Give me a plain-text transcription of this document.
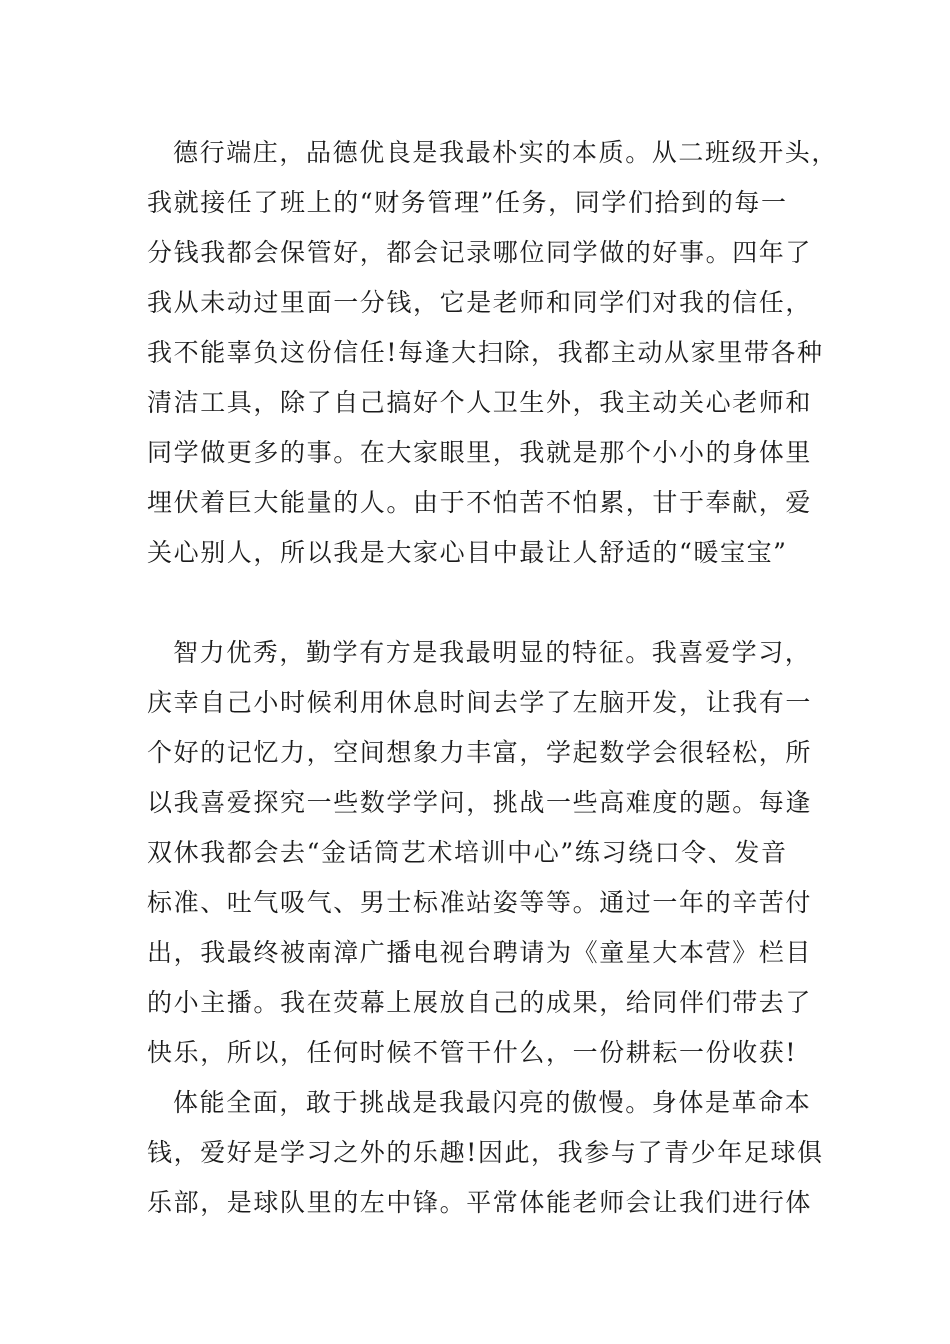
德行端庄，品德优良是我最朴实的本质。从二班级开头，
我就接任了班上的“财务管理”任务，同学们拾到的每一
分钱我都会保管好，都会记录哪位同学做的好事。四年了
我从未动过里面一分钱，它是老师和同学们对我的信任，
我不能辜负这份信任!每逢大扫除，我都主动从家里带各种
清洁工具，除了自己搞好个人卫生外，我主动关心老师和
同学做更多的事。在大家眼里，我就是那个小小的身体里
埋伏着巨大能量的人。由于不怕苦不怕累，甘于奉献，爱
关心别人，所以我是大家心目中最让人舒适的“暖宝宝”
智力优秀，勤学有方是我最明显的特征。我喜爱学习，
庆幸自己小时候利用休息时间去学了左脑开发，让我有一
个好的记忆力，空间想象力丰富，学起数学会很轻松，所
以我喜爱探究一些数学学问，挑战一些高难度的题。每逢
双休我都会去“金话筒艺术培训中心”练习绕口令、发音
标准、吐气吸气、男士标准站姿等等。通过一年的辛苦付
出，我最终被南漳广播电视台聘请为《童星大本营》栏目
的小主播。我在荧幕上展放自己的成果，给同伴们带去了
快乐，所以，任何时候不管干什么，一份耕耘一份收获!
体能全面，敢于挑战是我最闪亮的傲慢。身体是革命本
钱，爱好是学习之外的乐趣!因此，我参与了青少年足球俱
乐部，是球队里的左中锋。平常体能老师会让我们进行体
